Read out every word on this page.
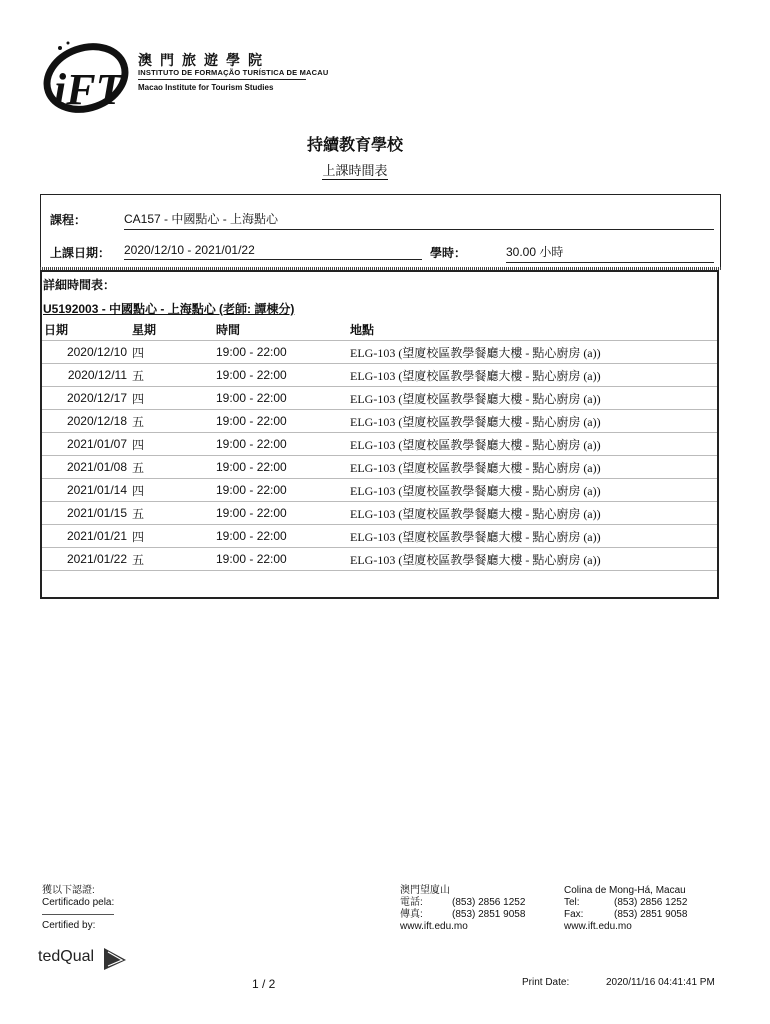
iFT
澳門旅遊學院
INSTITUTO DE FORMAÇÃO TURÍSTICA DE MACAU
Macao Institute for Tourism Studies
持續教育學校
上課時間表
課程：	CA157 - 中國點心 - 上海點心
上課日期： 2020/12/10 - 2021/01/22	學時：	30.00 小時
詳細時間表：
U5192003 - 中國點心 - 上海點心 (老師: 譚棟分)
日期	星期	時間	地點
2020/12/10	四	19:00 - 22:00	ELG-103 (望廈校區教學餐廳大樓 - 點心廚房 (a))
2020/12/11	五	19:00 - 22:00	ELG-103 (望廈校區教學餐廳大樓 - 點心廚房 (a))
2020/12/17	四	19:00 - 22:00	ELG-103 (望廈校區教學餐廳大樓 - 點心廚房 (a))
2020/12/18	五	19:00 - 22:00	ELG-103 (望廈校區教學餐廳大樓 - 點心廚房 (a))
2021/01/07	四	19:00 - 22:00	ELG-103 (望廈校區教學餐廳大樓 - 點心廚房 (a))
2021/01/08	五	19:00 - 22:00	ELG-103 (望廈校區教學餐廳大樓 - 點心廚房 (a))
2021/01/14	四	19:00 - 22:00	ELG-103 (望廈校區教學餐廳大樓 - 點心廚房 (a))
2021/01/15	五	19:00 - 22:00	ELG-103 (望廈校區教學餐廳大樓 - 點心廚房 (a))
2021/01/21	四	19:00 - 22:00	ELG-103 (望廈校區教學餐廳大樓 - 點心廚房 (a))
2021/01/22	五	19:00 - 22:00	ELG-103 (望廈校區教學餐廳大樓 - 點心廚房 (a))

獲以下認證:
Certificado pela:
Certified by:
tedQual
澳門望廈山
電話:	(853) 2856 1252
傳真:	(853) 2851 9058
www.ift.edu.mo
Colina de Mong-Há, Macau
Tel:	(853) 2856 1252
Fax:	(853) 2851 9058
www.ift.edu.mo
1 / 2	Print Date:	2020/11/16 04:41:41 PM
